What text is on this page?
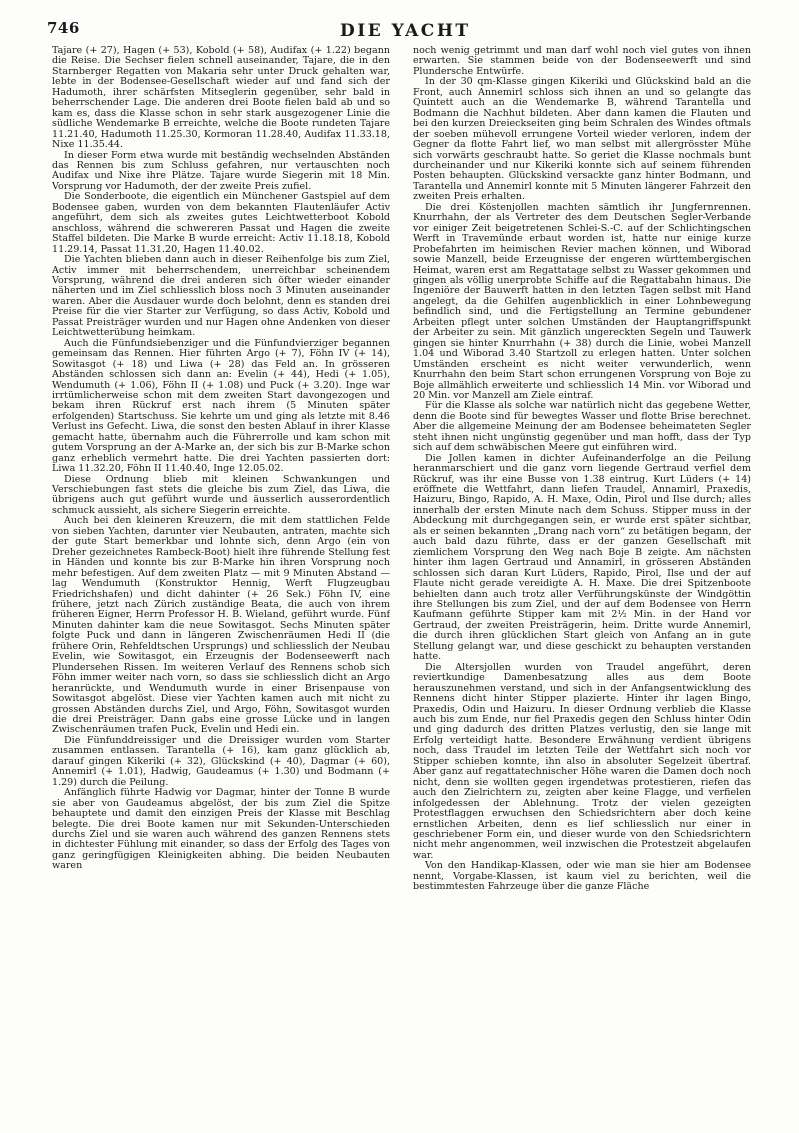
746	DIE YACHT

Tajare (+ 27), Hagen (+ 53), Kobold (+ 58), Audifax (+ 1.22) begann die Reise. Die Sechser fielen schnell auseinander, Tajare, die in den Starnberger Regatten von Makaria sehr unter Druck gehalten war, lebte in der Bodensee-Gesellschaft wieder auf und fand sich der Hadumoth, ihrer schärfsten Mitseglerin gegenüber, sehr bald in beherrschender Lage. Die anderen drei Boote fielen bald ab und so kam es, dass die Klasse schon in sehr stark ausgezogener Linie die südliche Wendemarke B erreichte, welche die Boote rundeten Tajare 11.21.40, Hadumoth 11.25.30, Kormoran 11.28.40, Audifax 11.33.18, Nixe 11.35.44.

In dieser Form etwa wurde mit beständig wechselnden Abständen das Rennen bis zum Schluss gefahren, nur vertauschten noch Audifax und Nixe ihre Plätze. Tajare wurde Siegerin mit 18 Min. Vorsprung vor Hadumoth, der der zweite Preis zufiel.

Die Sonderboote, die eigentlich ein Münchener Gastspiel auf dem Bodensee gaben, wurden von dem bekannten Flautenläufer Activ angeführt, dem sich als zweites gutes Leichtwetterboot Kobold anschloss, während die schwereren Passat und Hagen die zweite Staffel bildeten. Die Marke B wurde erreicht: Activ 11.18.18, Kobold 11.29.14, Passat 11.31.20, Hagen 11.40.02.

Die Yachten blieben dann auch in dieser Reihenfolge bis zum Ziel, Activ immer mit beherrschendem, unerreichbar scheinendem Vorsprung, während die drei anderen sich öfter wieder einander näherten und im Ziel schliesslich bloss noch 3 Minuten auseinander waren. Aber die Ausdauer wurde doch belohnt, denn es standen drei Preise für die vier Starter zur Verfügung, so dass Activ, Kobold und Passat Preisträger wurden und nur Hagen ohne Andenken von dieser Leichtwetterübung heimkam.

Auch die Fünfundsiebenziger und die Fünfundvierziger begannen gemeinsam das Rennen. Hier führten Argo (+ 7), Föhn IV (+ 14), Sowitasgot (+ 18) und Liwa (+ 28) das Feld an. In grösseren Abständen schlossen sich dann an: Evelin (+ 44), Hedi (+ 1.05), Wendumuth (+ 1.06), Föhn II (+ 1.08) und Puck (+ 3.20). Inge war irrtümlicherweise schon mit dem zweiten Start davongezogen und bekam ihren Rückruf erst nach ihrem (5 Minuten später erfolgenden) Startschuss. Sie kehrte um und ging als letzte mit 8.46 Verlust ins Gefecht. Liwa, die sonst den besten Ablauf in ihrer Klasse gemacht hatte, übernahm auch die Führerrolle und kam schon mit gutem Vorsprung an der A-Marke an, der sich bis zur B-Marke schon ganz erheblich vermehrt hatte. Die drei Yachten passierten dort: Liwa 11.32.20, Föhn II 11.40.40, Inge 12.05.02.

Diese Ordnung blieb mit kleinen Schwankungen und Verschiebungen fast stets die gleiche bis zum Ziel, das Liwa, die übrigens auch gut geführt wurde und äusserlich ausserordentlich schmuck aussieht, als sichere Siegerin erreichte.

Auch bei den kleineren Kreuzern, die mit dem stattlichen Felde von sieben Yachten, darunter vier Neubauten, antraten, machte sich der gute Start bemerkbar und lohnte sich, denn Argo (ein von Dreher gezeichnetes Rambeck-Boot) hielt ihre führende Stellung fest in Händen und konnte bis zur B-Marke hin ihren Vorsprung noch mehr befestigen. Auf dem zweiten Platz — mit 9 Minuten Abstand — lag Wendumuth (Konstruktor Hennig, Werft Flugzeugbau Friedrichshafen) und dicht dahinter (+ 26 Sek.) Föhn IV, eine frühere, jetzt nach Zürich zuständige Beata, die auch von ihrem früheren Eigner, Herrn Professor H. B. Wieland, geführt wurde. Fünf Minuten dahinter kam die neue Sowitasgot. Sechs Minuten später folgte Puck und dann in längeren Zwischenräumen Hedi II (die frühere Orin, Rehfeldtschen Ursprungs) und schliesslich der Neubau Evelin, wie Sowitasgot, ein Erzeugnis der Bodenseewerft nach Plundersehen Rissen. Im weiteren Verlauf des Rennens schob sich Föhn immer weiter nach vorn, so dass sie schliesslich dicht an Argo heranrückte, und Wendumuth wurde in einer Brisenpause von Sowitasgot abgelöst. Diese vier Yachten kamen auch mit nicht zu grossen Abständen durchs Ziel, und Argo, Föhn, Sowitasgot wurden die drei Preisträger. Dann gabs eine grosse Lücke und in langen Zwischenräumen trafen Puck, Evelin und Hedi ein.

Die Fünfunddreissiger und die Dreissiger wurden vom Starter zusammen entlassen. Tarantella (+ 16), kam ganz glücklich ab, darauf gingen Kikeriki (+ 32), Glückskind (+ 40), Dagmar (+ 60), Annemirl (+ 1.01), Hadwig, Gaudeamus (+ 1.30) und Bodmann (+ 1.29) durch die Peilung.

Anfänglich führte Hadwig vor Dagmar, hinter der Tonne B wurde sie aber von Gaudeamus abgelöst, der bis zum Ziel die Spitze behauptete und damit den einzigen Preis der Klasse mit Beschlag belegte. Die drei Boote kamen nur mit Sekunden-Unterschieden durchs Ziel und sie waren auch während des ganzen Rennens stets in dichtester Fühlung mit einander, so dass der Erfolg des Tages von ganz geringfügigen Kleinigkeiten abhing. Die beiden Neubauten waren

noch wenig getrimmt und man darf wohl noch viel gutes von ihnen erwarten. Sie stammen beide von der Bodenseewerft und sind Plundersche Entwürfe.

In der 30 qm-Klasse gingen Kikeriki und Glückskind bald an die Front, auch Annemirl schloss sich ihnen an und so gelangte das Quintett auch an die Wendemarke B, während Tarantella und Bodmann die Nachhut bildeten. Aber dann kamen die Flauten und bei den kurzen Dreieckseiten ging beim Schralen des Windes oftmals der soeben mühevoll errungene Vorteil wieder verloren, indem der Gegner da flotte Fahrt lief, wo man selbst mit allergrösster Mühe sich vorwärts geschraubt hatte. So geriet die Klasse nochmals bunt durcheinander und nur Kikeriki konnte sich auf seinem führenden Posten behaupten. Glückskind versackte ganz hinter Bodmann, und Tarantella und Annemirl konnte mit 5 Minuten längerer Fahrzeit den zweiten Preis erhalten.

Die drei Köstenjollen machten sämtlich ihr Jungfernrennen. Knurrhahn, der als Vertreter des dem Deutschen Segler-Verbande vor einiger Zeit beigetretenen Schlei-S.-C. auf der Schlichtingschen Werft in Travemünde erbaut worden ist, hatte nur einige kurze Probefahrten im heimischen Revier machen können, und Wiborad sowie Manzell, beide Erzeugnisse der engeren württembergischen Heimat, waren erst am Regattatage selbst zu Wasser gekommen und gingen als völlig unerprobte Schiffe auf die Regattabahn hinaus. Die Ingeniöre der Bauwerft hatten in den letzten Tagen selbst mit Hand angelegt, da die Gehilfen augenblicklich in einer Lohnbewegung befindlich sind, und die Fertigstellung an Termine gebundener Arbeiten pflegt unter solchen Umständen der Hauptangriffspunkt der Arbeiter zu sein. Mit gänzlich ungereckten Segeln und Tauwerk gingen sie hinter Knurrhahn (+ 38) durch die Linie, wobei Manzell 1.04 und Wiborad 3.40 Startzoll zu erlegen hatten. Unter solchen Umständen erscheint es nicht weiter verwunderlich, wenn Knurrhahn den beim Start schon errungenen Vorsprung von Boje zu Boje allmählich erweiterte und schliesslich 14 Min. vor Wiborad und 20 Min. vor Manzell am Ziele eintraf.

Für die Klasse als solche war natürlich nicht das gegebene Wetter, denn die Boote sind für bewegtes Wasser und flotte Brise berechnet. Aber die allgemeine Meinung der am Bodensee beheimateten Segler steht ihnen nicht ungünstig gegenüber und man hofft, dass der Typ sich auf dem schwäbischen Meere gut einführen wird.

Die Jollen kamen in dichter Aufeinanderfolge an die Peilung heranmarschiert und die ganz vorn liegende Gertraud verfiel dem Rückruf, was ihr eine Busse von 1.38 eintrug. Kurt Lüders (+ 14) eröffnete die Wettfahrt, dann liefen Traudel, Annamirl, Praxedis, Haizuru, Bingo, Rapido, A. H. Maxe, Odin, Pirol und Ilse durch; alles innerhalb der ersten Minute nach dem Schuss. Stipper muss in der Abdeckung mit durchgegangen sein, er wurde erst später sichtbar, als er seinen bekannten „Drang nach vorn“ zu betätigen begann, der auch bald dazu führte, dass er der ganzen Gesellschaft mit ziemlichem Vorsprung den Weg nach Boje B zeigte. Am nächsten hinter ihm lagen Gertraud und Annamirl, in grösseren Abständen schlossen sich daran Kurt Lüders, Rapido, Pirol, Ilse und der auf Flaute nicht gerade vereidigte A. H. Maxe. Die drei Spitzenboote behielten dann auch trotz aller Verführungskünste der Windgöttin ihre Stellungen bis zum Ziel, und der auf dem Bodensee von Herrn Kaufmann geführte Stipper kam mit 2½ Min. in der Hand vor Gertraud, der zweiten Preisträgerin, heim. Dritte wurde Annemirl, die durch ihren glücklichen Start gleich von Anfang an in gute Stellung gelangt war, und diese geschickt zu behaupten verstanden hatte.

Die Altersjollen wurden von Traudel angeführt, deren reviertkundige Damenbesatzung alles aus dem Boote herauszunehmen verstand, und sich in der Anfangsentwicklung des Rennens dicht hinter Stipper plazierte. Hinter ihr lagen Bingo, Praxedis, Odin und Haizuru. In dieser Ordnung verblieb die Klasse auch bis zum Ende, nur fiel Praxedis gegen den Schluss hinter Odin und ging dadurch des dritten Platzes verlustig, den sie lange mit Erfolg verteidigt hatte. Besondere Erwähnung verdient übrigens noch, dass Traudel im letzten Teile der Wettfahrt sich noch vor Stipper schieben konnte, ihn also in absoluter Segelzeit übertraf. Aber ganz auf regattatechnischer Höhe waren die Damen doch noch nicht, denn sie wollten gegen irgendetwas protestieren, riefen das auch den Zielrichtern zu, zeigten aber keine Flagge, und verfielen infolgedessen der Ablehnung. Trotz der vielen gezeigten Protestflaggen erwuchsen den Schiedsrichtern aber doch keine ernstlichen Arbeiten, denn es lief schliesslich nur einer in geschriebener Form ein, und dieser wurde von den Schiedsrichtern nicht mehr angenommen, weil inzwischen die Protestzeit abgelaufen war.

Von den Handikap-Klassen, oder wie man sie hier am Bodensee nennt, Vorgabe-Klassen, ist kaum viel zu berichten, weil die bestimmtesten Fahrzeuge über die ganze Fläche
